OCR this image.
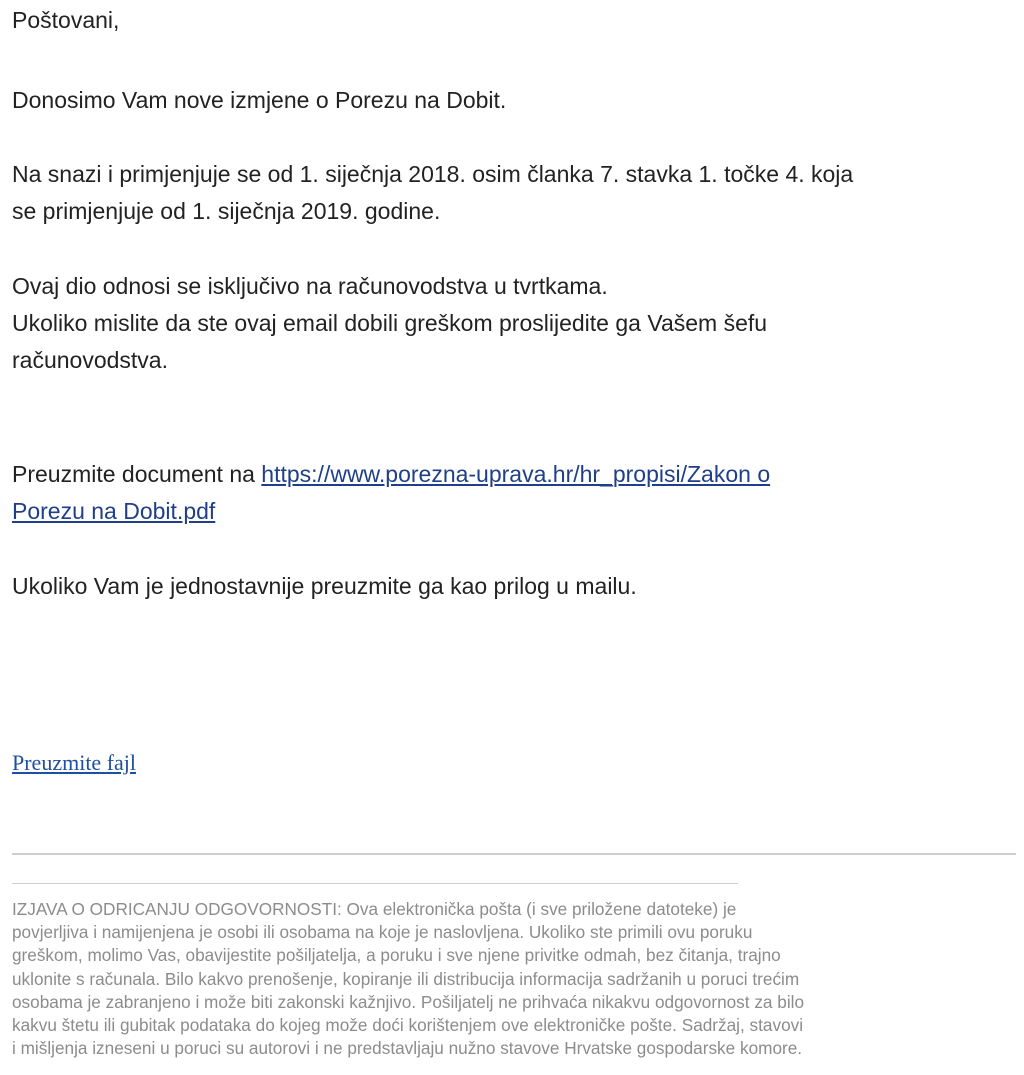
Poštovani,

Donosimo Vam nove izmjene o Porezu na Dobit.

Na snazi i primjenjuje se od 1. siječnja 2018. osim članka 7. stavka 1. točke 4. koja

se primjenjuje od 1. siječnja 2019. godine.

Ovaj dio odnosi se isključivo na računovodstva u tvrtkama.

Ukoliko mislite da ste ovaj email dobili greškom proslijedite ga Vašem šefu

računovodstva.

Preuzmite document na https://www.porezna-uprava.hr/hr_propisi/Zakon o

Porezu na Dobit.pdf

Ukoliko Vam je jednostavnije preuzmite ga kao prilog u mailu.

Preuzmite fajl
IZJAVA O ODRICANJU ODGOVORNOSTI: Ova elektronička pošta (i sve priložene datoteke) je
povjerljiva i namijenjena je osobi ili osobama na koje je naslovljena. Ukoliko ste primili ovu poruku
greškom, molimo Vas, obavijestite pošiljatelja, a poruku i sve njene privitke odmah, bez čitanja, trajno
uklonite s računala. Bilo kakvo prenošenje, kopiranje ili distribucija informacija sadržanih u poruci trećim
osobama je zabranjeno i može biti zakonski kažnjivo. Pošiljatelj ne prihvaća nikakvu odgovornost za bilo
kakvu štetu ili gubitak podataka do kojeg može doći korištenjem ove elektroničke pošte. Sadržaj, stavovi
i mišljenja izneseni u poruci su autorovi i ne predstavljaju nužno stavove Hrvatske gospodarske komore.
